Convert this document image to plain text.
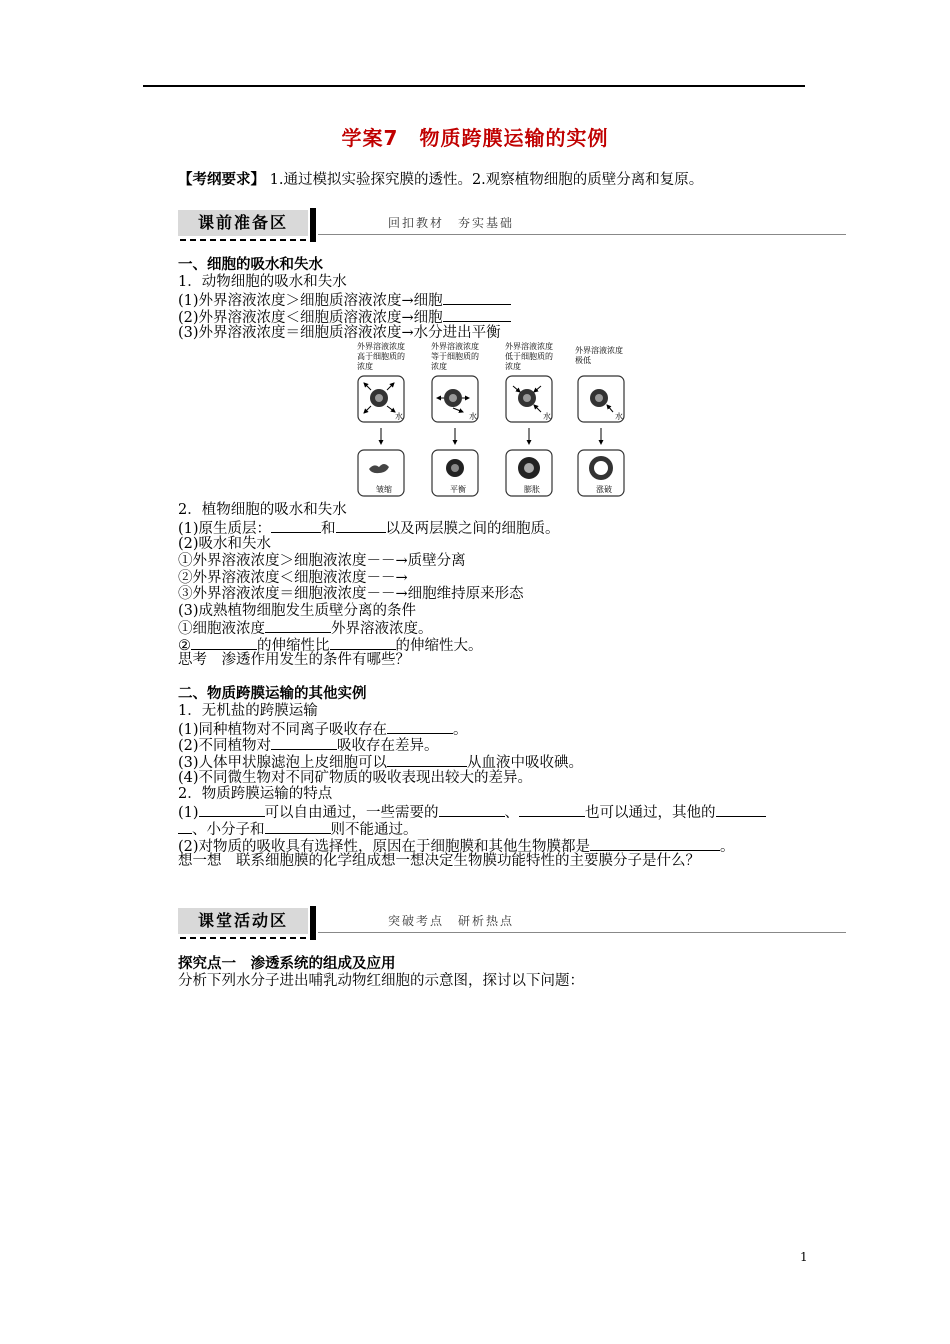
学案7　物质跨膜运输的实例
【考纲要求】 1.通过模拟实验探究膜的透性。2.观察植物细胞的质壁分离和复原。
课前准备区	回扣教材　夯实基础
一、细胞的吸水和失水
1．动物细胞的吸水和失水
(1)外界溶液浓度＞细胞质溶液浓度→细胞
(2)外界溶液浓度＜细胞质溶液浓度→细胞
(3)外界溶液浓度＝细胞质溶液浓度→水分进出平衡
外界溶液浓度高于细胞质的浓度
外界溶液浓度等于细胞质的浓度
外界溶液浓度低于细胞质的浓度
外界溶液浓度极低
水	水	水	水
皱缩	平衡	膨胀	涨破
2．植物细胞的吸水和失水
(1)原生质层：	和	以及两层膜之间的细胞质。
(2)吸水和失水
①外界溶液浓度＞细胞液浓度－－→质壁分离
②外界溶液浓度＜细胞液浓度－－→
③外界溶液浓度＝细胞液浓度－－→细胞维持原来形态
(3)成熟植物细胞发生质壁分离的条件
①细胞液浓度	外界溶液浓度。
②	的伸缩性比	的伸缩性大。
思考　渗透作用发生的条件有哪些？
二、物质跨膜运输的其他实例
1．无机盐的跨膜运输
(1)同种植物对不同离子吸收存在	。
(2)不同植物对	吸收存在差异。
(3)人体甲状腺滤泡上皮细胞可以	从血液中吸收碘。
(4)不同微生物对不同矿物质的吸收表现出较大的差异。
2．物质跨膜运输的特点
(1)	可以自由通过，一些需要的	、	也可以通过，其他的
、小分子和	则不能通过。
(2)对物质的吸收具有选择性，原因在于细胞膜和其他生物膜都是	。
想一想　联系细胞膜的化学组成想一想决定生物膜功能特性的主要膜分子是什么？
课堂活动区	突破考点　研析热点
探究点一　渗透系统的组成及应用
分析下列水分子进出哺乳动物红细胞的示意图，探讨以下问题：
1
